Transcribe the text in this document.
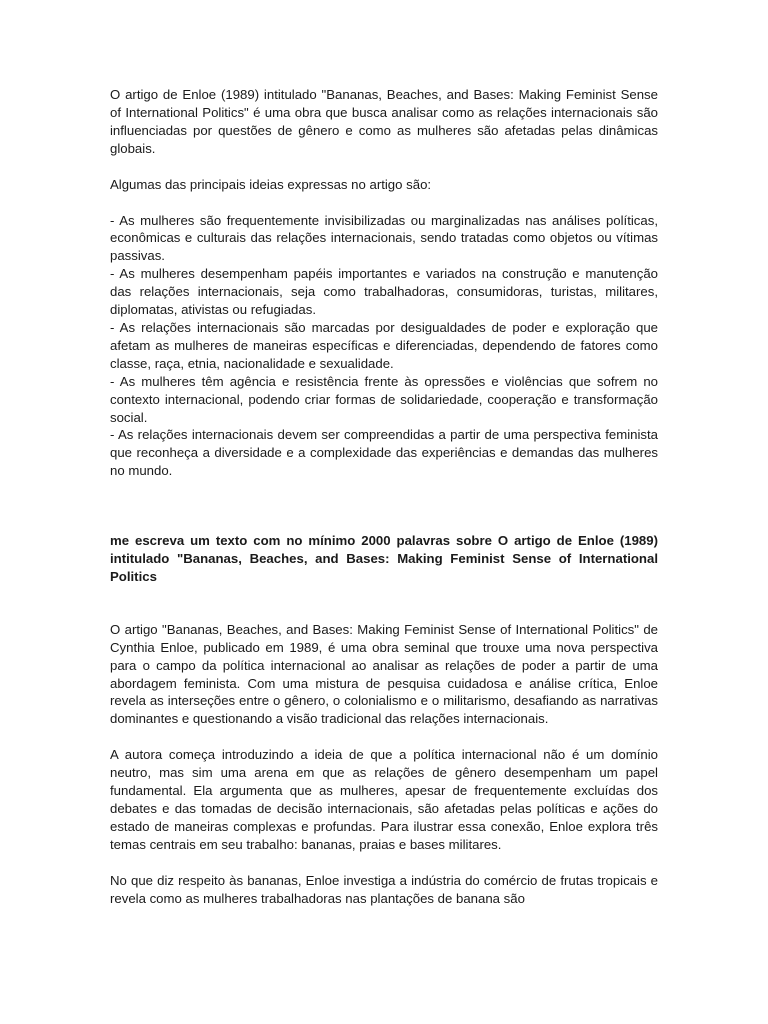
O artigo de Enloe (1989) intitulado "Bananas, Beaches, and Bases: Making Feminist Sense of International Politics" é uma obra que busca analisar como as relações internacionais são influenciadas por questões de gênero e como as mulheres são afetadas pelas dinâmicas globais.

Algumas das principais ideias expressas no artigo são:

- As mulheres são frequentemente invisibilizadas ou marginalizadas nas análises políticas, econômicas e culturais das relações internacionais, sendo tratadas como objetos ou vítimas passivas.

- As mulheres desempenham papéis importantes e variados na construção e manutenção das relações internacionais, seja como trabalhadoras, consumidoras, turistas, militares, diplomatas, ativistas ou refugiadas.

- As relações internacionais são marcadas por desigualdades de poder e exploração que afetam as mulheres de maneiras específicas e diferenciadas, dependendo de fatores como classe, raça, etnia, nacionalidade e sexualidade.

- As mulheres têm agência e resistência frente às opressões e violências que sofrem no contexto internacional, podendo criar formas de solidariedade, cooperação e transformação social.

- As relações internacionais devem ser compreendidas a partir de uma perspectiva feminista que reconheça a diversidade e a complexidade das experiências e demandas das mulheres no mundo.

me escreva um texto com no mínimo 2000 palavras sobre O artigo de Enloe (1989) intitulado "Bananas, Beaches, and Bases: Making Feminist Sense of International Politics

O artigo "Bananas, Beaches, and Bases: Making Feminist Sense of International Politics" de Cynthia Enloe, publicado em 1989, é uma obra seminal que trouxe uma nova perspectiva para o campo da política internacional ao analisar as relações de poder a partir de uma abordagem feminista. Com uma mistura de pesquisa cuidadosa e análise crítica, Enloe revela as interseções entre o gênero, o colonialismo e o militarismo, desafiando as narrativas dominantes e questionando a visão tradicional das relações internacionais.

A autora começa introduzindo a ideia de que a política internacional não é um domínio neutro, mas sim uma arena em que as relações de gênero desempenham um papel fundamental. Ela argumenta que as mulheres, apesar de frequentemente excluídas dos debates e das tomadas de decisão internacionais, são afetadas pelas políticas e ações do estado de maneiras complexas e profundas. Para ilustrar essa conexão, Enloe explora três temas centrais em seu trabalho: bananas, praias e bases militares.

No que diz respeito às bananas, Enloe investiga a indústria do comércio de frutas tropicais e revela como as mulheres trabalhadoras nas plantações de banana são
